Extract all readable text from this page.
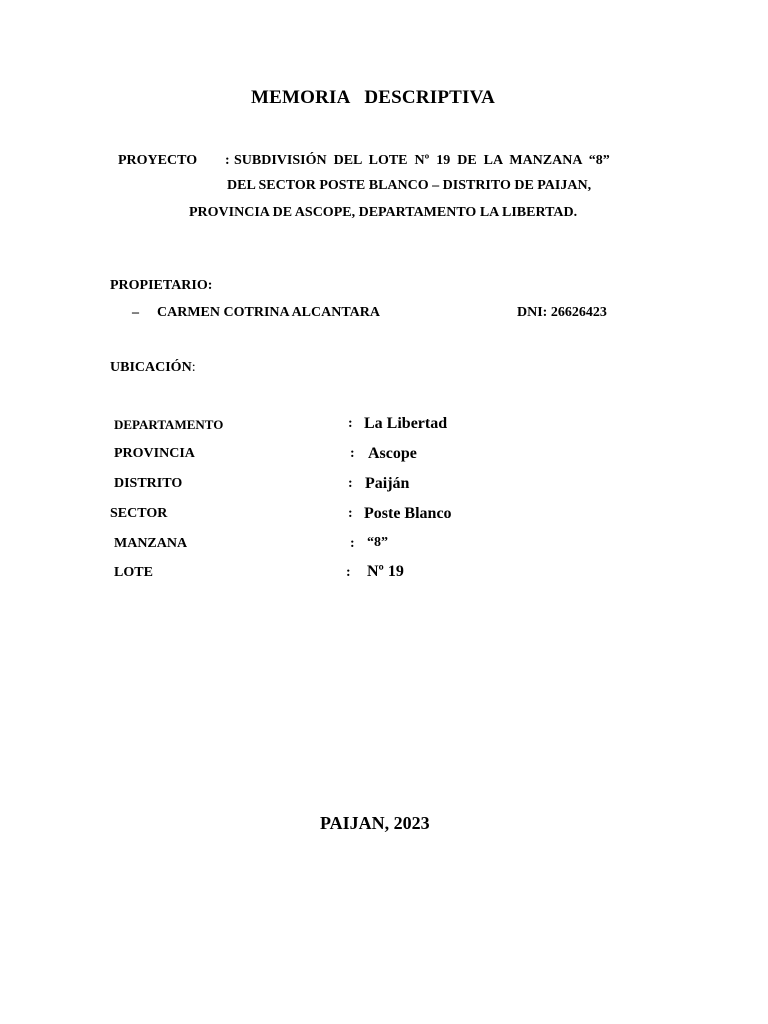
MEMORIA   DESCRIPTIVA
PROYECTO : SUBDIVISIÓN  DEL  LOTE  Nº  19  DE  LA  MANZANA  “8”
DEL SECTOR POSTE BLANCO – DISTRITO DE PAIJAN,
PROVINCIA DE ASCOPE, DEPARTAMENTO LA LIBERTAD.
PROPIETARIO:
– CARMEN COTRINA ALCANTARA	DNI: 26626423
UBICACIÓN:
DEPARTAMENTO	: La Libertad
PROVINCIA	: Ascope
DISTRITO	: Paiján
SECTOR	: Poste Blanco
MANZANA	: “8”
LOTE	: Nº 19
PAIJAN, 2023
